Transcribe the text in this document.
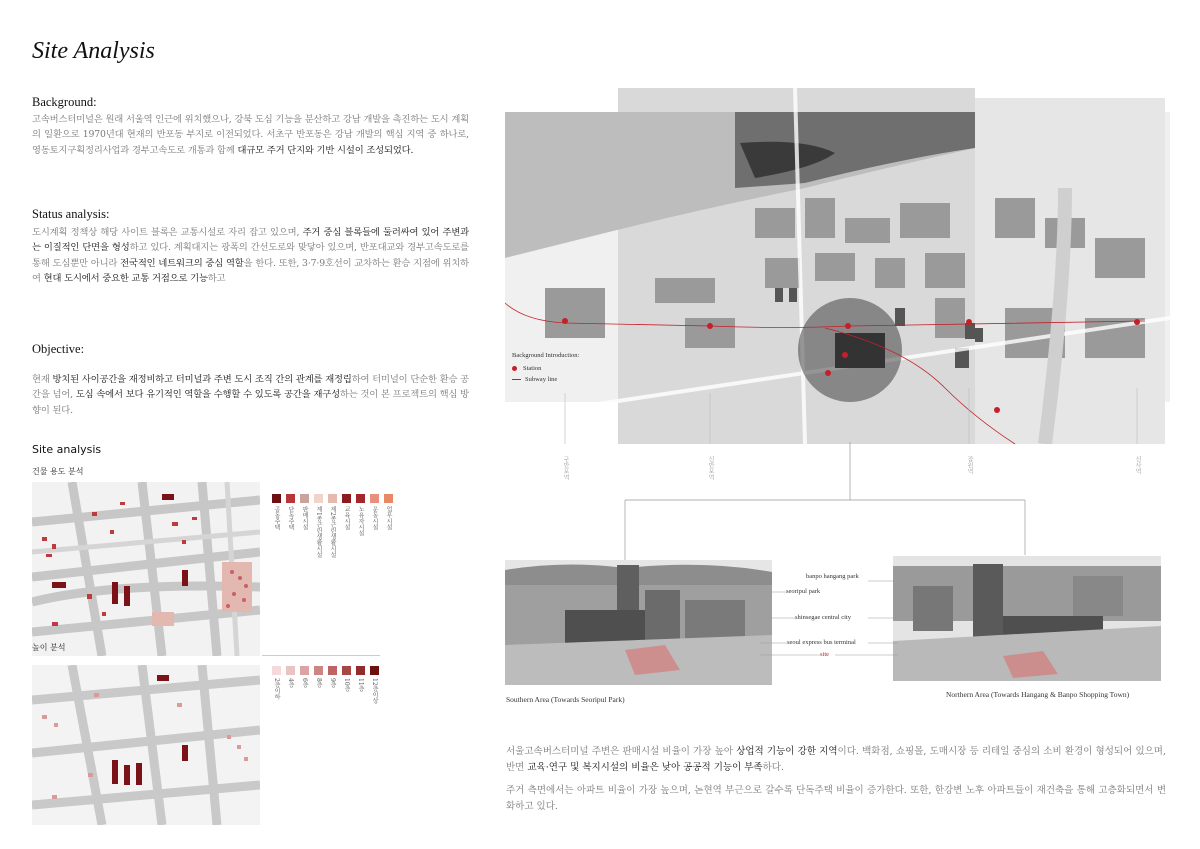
Site Analysis
Background:
고속버스터미널은 원래 서울역 인근에 위치했으나, 강북 도심 기능을 분산하고 강남 개발을 촉진하는 도시 계획의 일환으로 1970년대 현재의 반포동 부지로 이전되었다. 서초구 반포동은 강남 개발의 핵심 지역 중 하나로, 영동토지구획정리사업과 경부고속도로 개통과 함께 대규모 주거 단지와 기반 시설이 조성되었다.
Status analysis:
도시계획 정책상 해당 사이트 블록은 교통시설로 자리 잡고 있으며, 주거 중심 블록들에 둘러싸여 있어 주변과는 이질적인 단면을 형성하고 있다. 계획대지는 광폭의 간선도로와 맞닿아 있으며, 반포대교와 경부고속도로를 통해 도심뿐만 아니라 전국적인 네트워크의 중심 역할을 한다. 또한, 3·7·9호선이 교차하는 환승 지점에 위치하여 현대 도시에서 중요한 교통 거점으로 기능하고
Objective:
현재 방치된 사이공간을 재정비하고 터미널과 주변 도시 조직 간의 관계를 재정립하여 터미널이 단순한 환승 공간을 넘어, 도심 속에서 보다 유기적인 역할을 수행할 수 있도록 공간을 재구성하는 것이 본 프로젝트의 핵심 방향이 된다.
Site analysis
건물 용도 분석
공동주택 단독주택 판매시설 제1종근린생활시설 제2종근린생활시설 교육시설 노유자시설 운동시설 업무시설
높이 분석
2층이하 4층 6층 8층 9층 10층 11층 12층이상
Background Introduction:
Station
Subway line
구반포역	신반포역	잠원역	신사역
banpo hangang park
seoripul park
shinsegae central city
seoul express bus terminal
site
Southern Area (Towards Seoripul Park)
Northern Area (Towards Hangang & Banpo Shopping Town)
서울고속버스터미널 주변은 판매시설 비율이 가장 높아 상업적 기능이 강한 지역이다. 백화점, 쇼핑몰, 도매시장 등 리테일 중심의 소비 환경이 형성되어 있으며, 반면 교육·연구 및 복지시설의 비율은 낮아 공공적 기능이 부족하다.
주거 측면에서는 아파트 비율이 가장 높으며, 논현역 부근으로 갈수록 단독주택 비율이 증가한다. 또한, 한강변 노후 아파트들이 재건축을 통해 고층화되면서 변화하고 있다.
